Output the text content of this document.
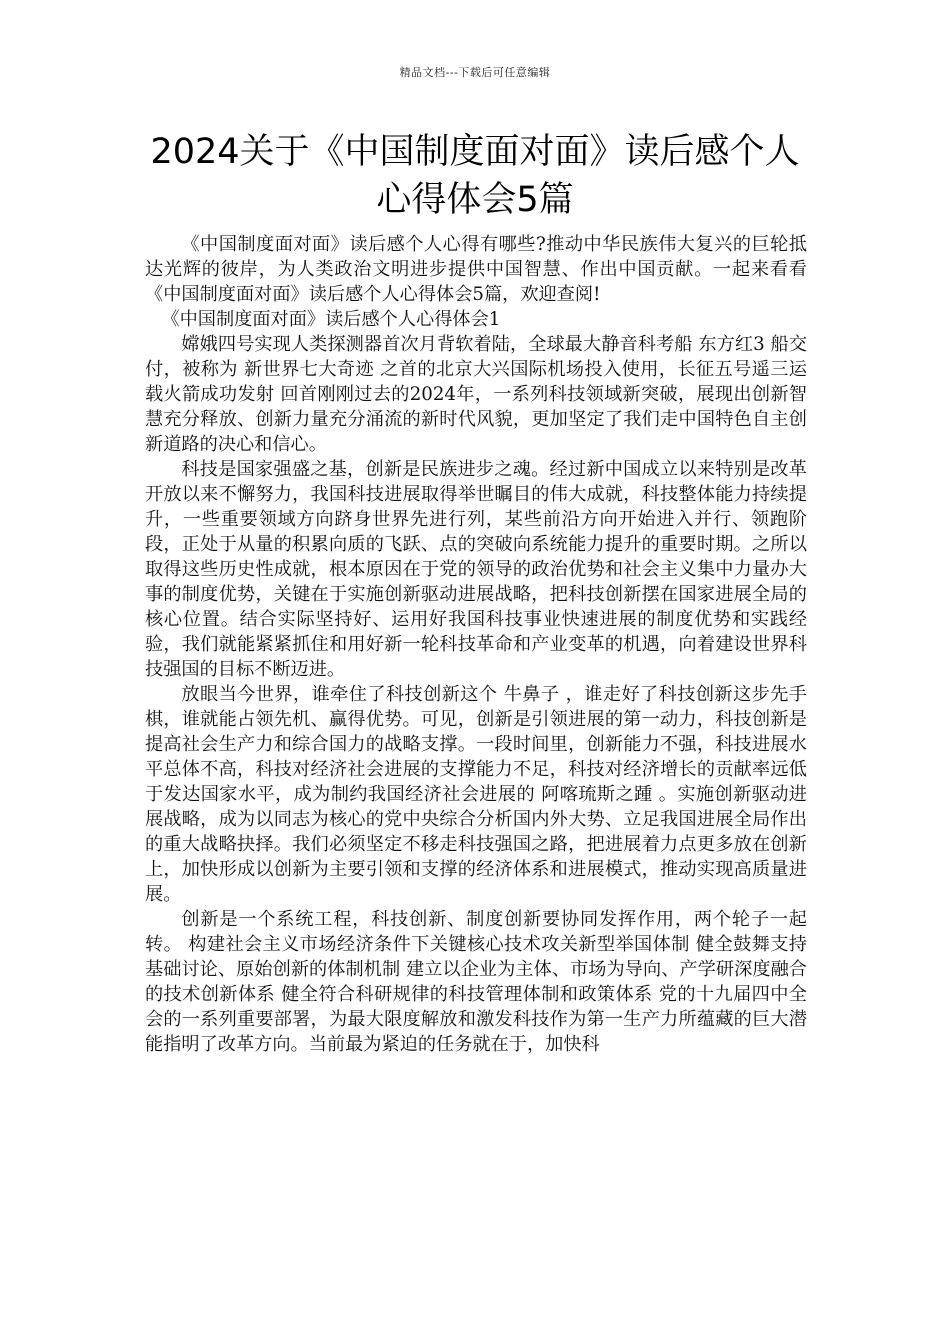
精品文档---下载后可任意编辑
2024关于《中国制度面对面》读后感个人心得体会5篇

《中国制度面对面》读后感个人心得有哪些?推动中华民族伟大复兴的巨轮抵达光辉的彼岸，为人类政治文明进步提供中国智慧、作出中国贡献。一起来看看《中国制度面对面》读后感个人心得体会5篇，欢迎查阅!

《中国制度面对面》读后感个人心得体会1

嫦娥四号实现人类探测器首次月背软着陆，全球最大静音科考船 东方红3 船交付，被称为 新世界七大奇迹 之首的北京大兴国际机场投入使用，长征五号遥三运载火箭成功发射 回首刚刚过去的2024年，一系列科技领域新突破，展现出创新智慧充分释放、创新力量充分涌流的新时代风貌，更加坚定了我们走中国特色自主创新道路的决心和信心。

科技是国家强盛之基，创新是民族进步之魂。经过新中国成立以来特别是改革开放以来不懈努力，我国科技进展取得举世瞩目的伟大成就，科技整体能力持续提升，一些重要领域方向跻身世界先进行列，某些前沿方向开始进入并行、领跑阶段，正处于从量的积累向质的飞跃、点的突破向系统能力提升的重要时期。之所以取得这些历史性成就，根本原因在于党的领导的政治优势和社会主义集中力量办大事的制度优势，关键在于实施创新驱动进展战略，把科技创新摆在国家进展全局的核心位置。结合实际坚持好、运用好我国科技事业快速进展的制度优势和实践经验，我们就能紧紧抓住和用好新一轮科技革命和产业变革的机遇，向着建设世界科技强国的目标不断迈进。

放眼当今世界，谁牵住了科技创新这个 牛鼻子 ，谁走好了科技创新这步先手棋，谁就能占领先机、赢得优势。可见，创新是引领进展的第一动力，科技创新是提高社会生产力和综合国力的战略支撑。一段时间里，创新能力不强，科技进展水平总体不高，科技对经济社会进展的支撑能力不足，科技对经济增长的贡献率远低于发达国家水平，成为制约我国经济社会进展的 阿喀琉斯之踵 。实施创新驱动进展战略，成为以同志为核心的党中央综合分析国内外大势、立足我国进展全局作出的重大战略抉择。我们必须坚定不移走科技强国之路，把进展着力点更多放在创新上，加快形成以创新为主要引领和支撑的经济体系和进展模式，推动实现高质量进展。

创新是一个系统工程，科技创新、制度创新要协同发挥作用，两个轮子一起转。 构建社会主义市场经济条件下关键核心技术攻关新型举国体制 健全鼓舞支持基础讨论、原始创新的体制机制 建立以企业为主体、市场为导向、产学研深度融合的技术创新体系 健全符合科研规律的科技管理体制和政策体系 党的十九届四中全会的一系列重要部署，为最大限度解放和激发科技作为第一生产力所蕴藏的巨大潜能指明了改革方向。当前最为紧迫的任务就在于，加快科
